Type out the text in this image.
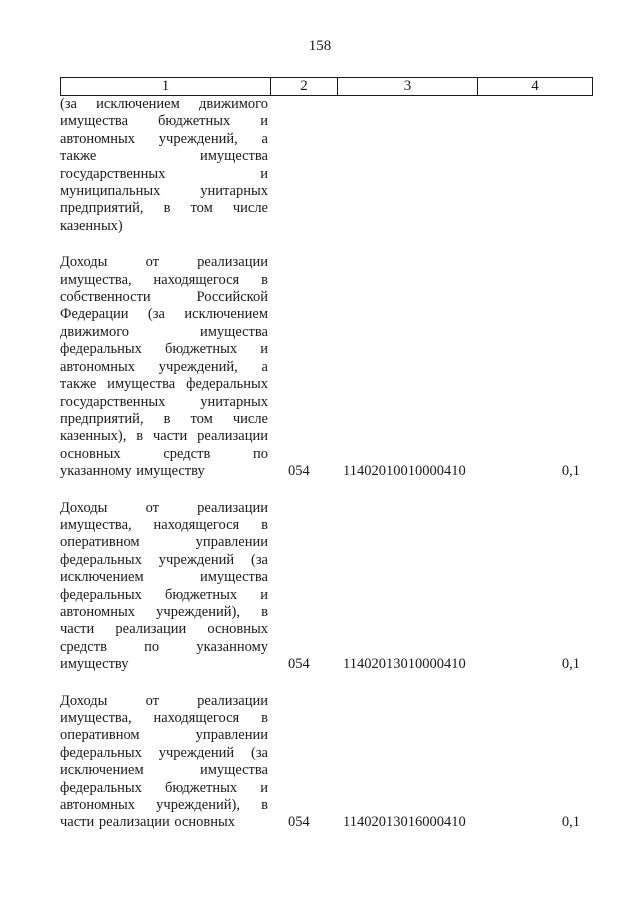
158
1	2	3	4
(за исключением движимого
имущества бюджетных и
автономных учреждений, а
также имущества
государственных и
муниципальных унитарных
предприятий, в том числе
казенных)
Доходы от реализации
имущества, находящегося в
собственности Российской
Федерации (за исключением
движимого имущества
федеральных бюджетных и
автономных учреждений, а
также имущества федеральных
государственных унитарных
предприятий, в том числе
казенных), в части реализации
основных средств по
указанному имуществу	054 11402010010000410	0,1
Доходы от реализации
имущества, находящегося в
оперативном управлении
федеральных учреждений (за
исключением имущества
федеральных бюджетных и
автономных учреждений), в
части реализации основных
средств по указанному
имуществу	054 11402013010000410	0,1
Доходы от реализации
имущества, находящегося в
оперативном управлении
федеральных учреждений (за
исключением имущества
федеральных бюджетных и
автономных учреждений), в
части реализации основных	054 11402013016000410	0,1
